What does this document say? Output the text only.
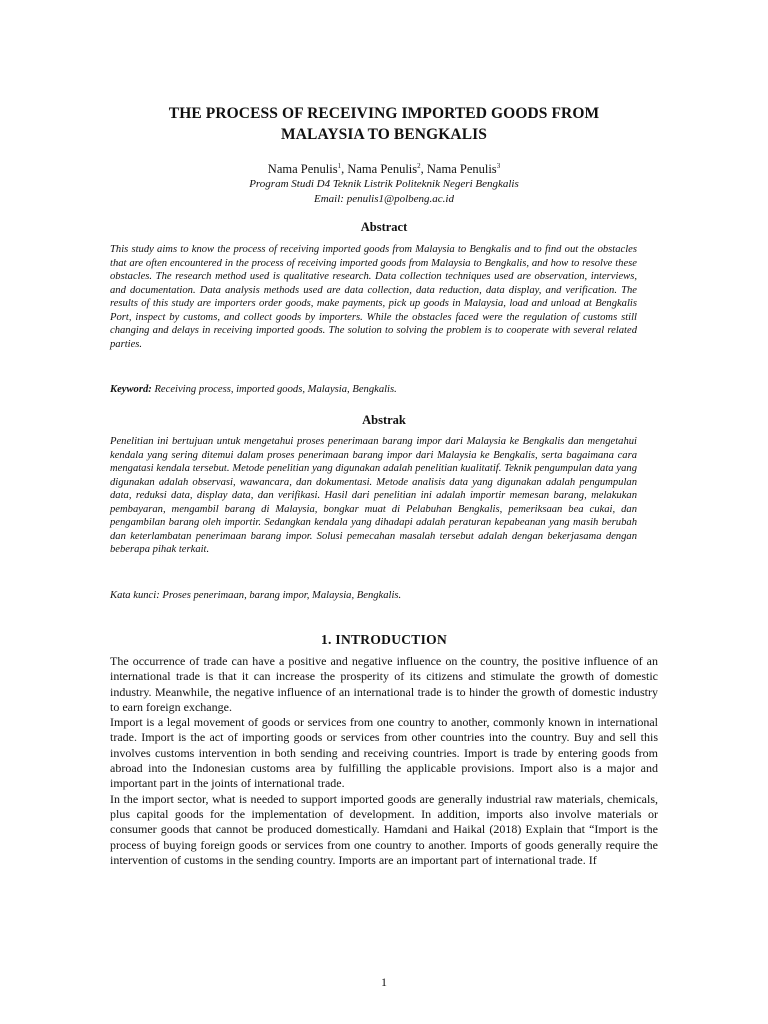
THE PROCESS OF RECEIVING IMPORTED GOODS FROM
MALAYSIA TO BENGKALIS
Nama Penulis$^1$, Nama Penulis$^2$, Nama Penulis$^3$
Program Studi D4 Teknik Listrik Politeknik Negeri Bengkalis
Email: penulis1@polbeng.ac.id
Abstract

This study aims to know the process of receiving imported goods from Malaysia to Bengkalis and to find out the obstacles that are often encountered in the process of receiving imported goods from Malaysia to Bengkalis, and how to resolve these obstacles. The research method used is qualitative research. Data collection techniques used are observation, interviews, and documentation. Data analysis methods used are data collection, data reduction, data display, and verification. The results of this study are importers order goods, make payments, pick up goods in Malaysia, load and unload at Bengkalis Port, inspect by customs, and collect goods by importers. While the obstacles faced were the regulation of customs still changing and delays in receiving imported goods. The solution to solving the problem is to cooperate with several related parties.

Keyword: Receiving process, imported goods, Malaysia, Bengkalis.

Abstrak

Penelitian ini bertujuan untuk mengetahui proses penerimaan barang impor dari Malaysia ke Bengkalis dan mengetahui kendala yang sering ditemui dalam proses penerimaan barang impor dari Malaysia ke Bengkalis, serta bagaimana cara mengatasi kendala tersebut. Metode penelitian yang digunakan adalah penelitian kualitatif. Teknik pengumpulan data yang digunakan adalah observasi, wawancara, dan dokumentasi. Metode analisis data yang digunakan adalah pengumpulan data, reduksi data, display data, dan verifikasi. Hasil dari penelitian ini adalah importir memesan barang, melakukan pembayaran, mengambil barang di Malaysia, bongkar muat di Pelabuhan Bengkalis, pemeriksaan bea cukai, dan pengambilan barang oleh importir. Sedangkan kendala yang dihadapi adalah peraturan kepabeanan yang masih berubah dan keterlambatan penerimaan barang impor. Solusi pemecahan masalah tersebut adalah dengan bekerjasama dengan beberapa pihak terkait.

Kata kunci: Proses penerimaan, barang impor, Malaysia, Bengkalis.

1. INTRODUCTION

The occurrence of trade can have a positive and negative influence on the country, the positive influence of an international trade is that it can increase the prosperity of its citizens and stimulate the growth of domestic industry. Meanwhile, the negative influence of an international trade is to hinder the growth of domestic industry to earn foreign exchange.

Import is a legal movement of goods or services from one country to another, commonly known in international trade. Import is the act of importing goods or services from other countries into the country. Buy and sell this involves customs intervention in both sending and receiving countries. Import is trade by entering goods from abroad into the Indonesian customs area by fulfilling the applicable provisions. Import also is a major and important part in the joints of international trade.

In the import sector, what is needed to support imported goods are generally industrial raw materials, chemicals, plus capital goods for the implementation of development. In addition, imports also involve materials or consumer goods that cannot be produced domestically. Hamdani and Haikal (2018) Explain that “Import is the process of buying foreign goods or services from one country to another. Imports of goods generally require the intervention of customs in the sending country. Imports are an important part of international trade. If

1
